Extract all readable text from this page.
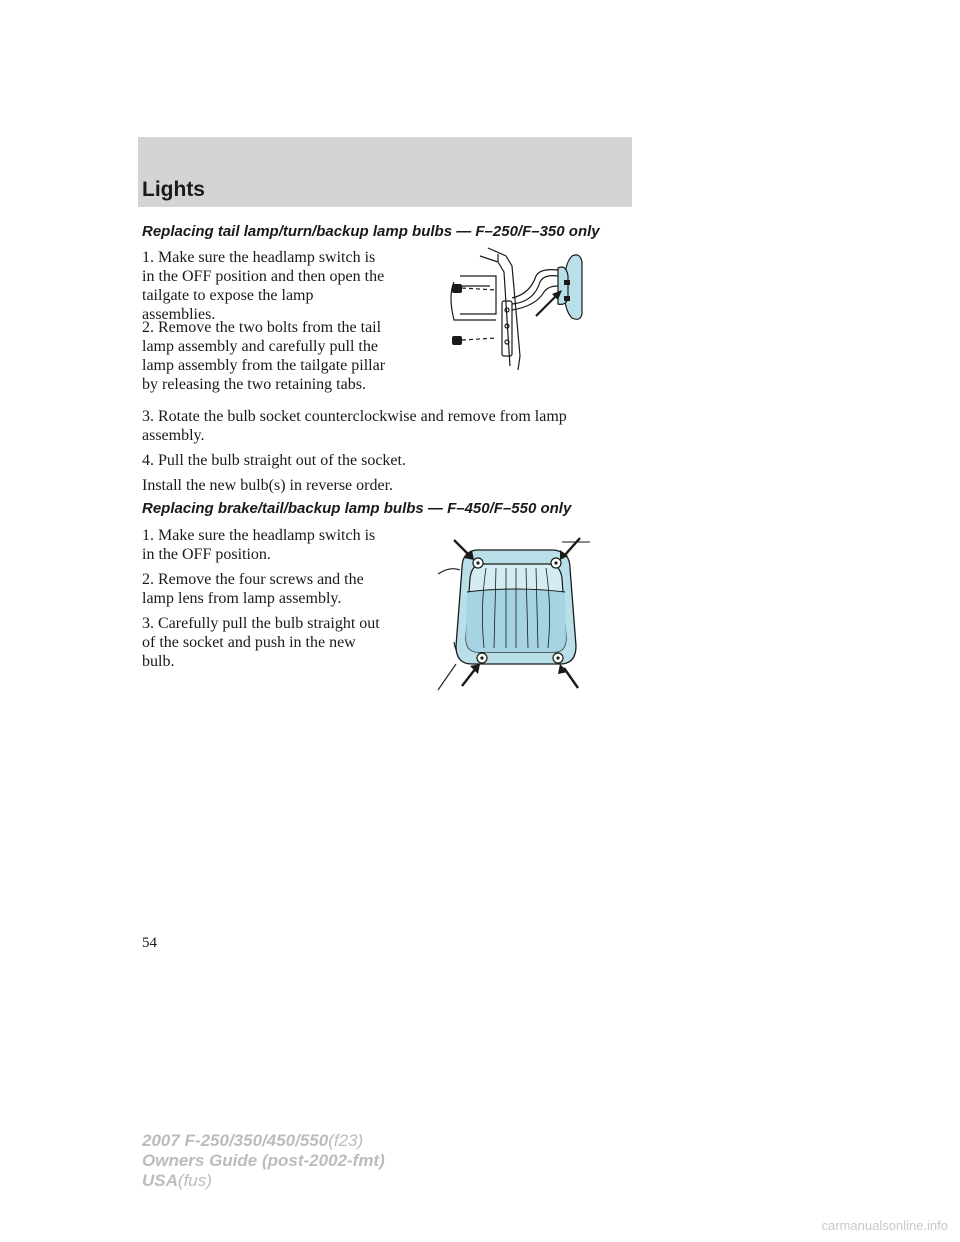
Lights
Replacing tail lamp/turn/backup lamp bulbs — F–250/F–350 only

1. Make sure the headlamp switch is in the OFF position and then open the tailgate to expose the lamp assemblies.

2. Remove the two bolts from the tail lamp assembly and carefully pull the lamp assembly from the tailgate pillar by releasing the two retaining tabs.

3. Rotate the bulb socket counterclockwise and remove from lamp assembly.

4. Pull the bulb straight out of the socket.

Install the new bulb(s) in reverse order.

Replacing brake/tail/backup lamp bulbs — F–450/F–550 only

1. Make sure the headlamp switch is in the OFF position.

2. Remove the four screws and the lamp lens from lamp assembly.

3. Carefully pull the bulb straight out of the socket and push in the new bulb.

54
2007 F-250/350/450/550(f23)
Owners Guide (post-2002-fmt)
USA(fus)
carmanualsonline.info
